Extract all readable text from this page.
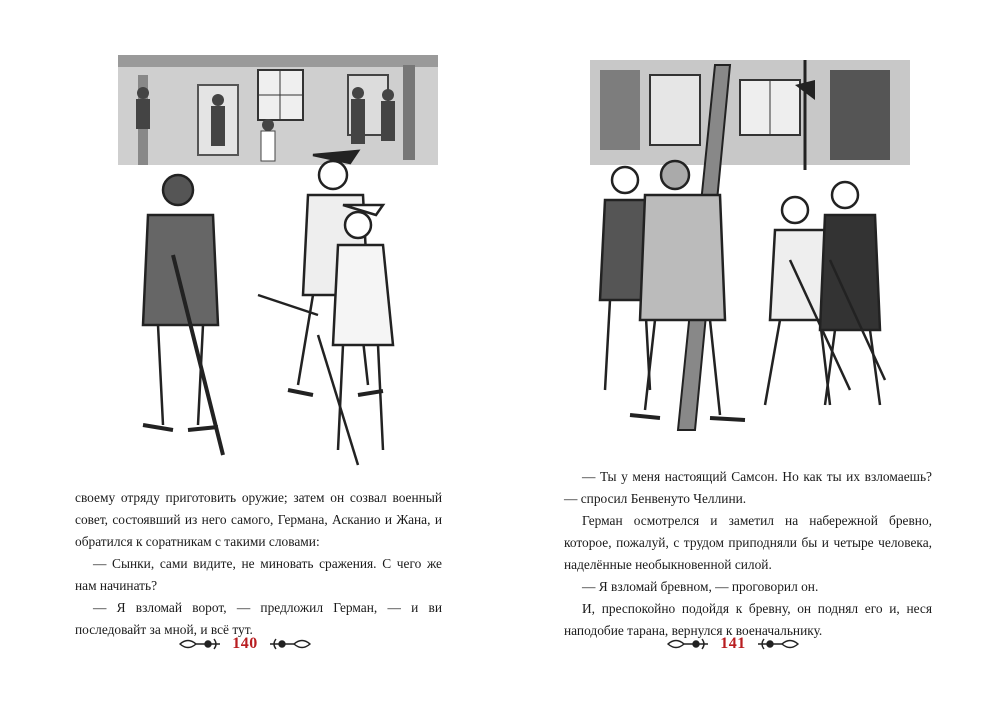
своему отряду приготовить оружие; затем он созвал военный совет, состоявший из него самого, Германа, Асканио и Жана, и обратился к соратникам с такими словами:

— Сынки, сами видите, не миновать сражения. С чего же нам начинать?

— Я взломай ворот, — предложил Герман, — и ви последовайт за мной, и всё тут.

140

— Ты у меня настоящий Самсон. Но как ты их взломаешь? — спросил Бенвенуто Челлини.

Герман осмотрелся и заметил на набережной бревно, которое, пожалуй, с трудом приподняли бы и четыре человека, наделённые необыкновенной силой.

— Я взломай бревном, — проговорил он.

И, преспокойно подойдя к бревну, он поднял его и, неся наподобие тарана, вернулся к военачальнику.

141
